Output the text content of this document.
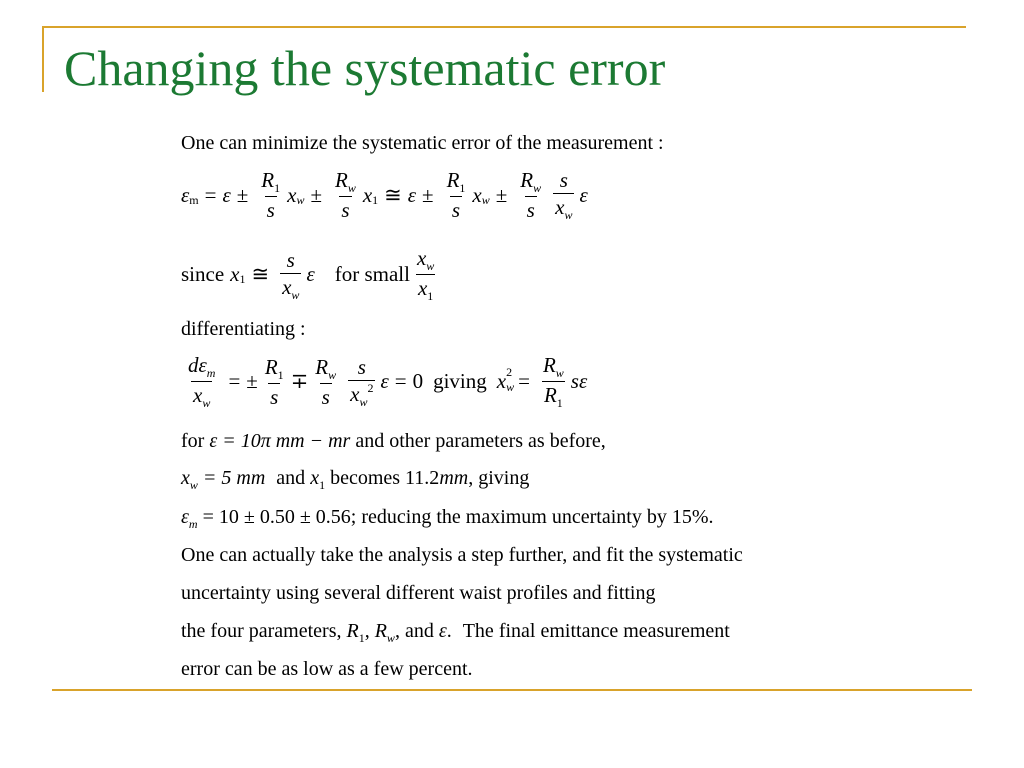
Changing the systematic error
One can minimize the systematic error of the measurement :
ε $m = \varepsilon \pm \frac{R_1}{s}$ x $w \pm \frac{R_w}{s}$ x 1 ≅ $\varepsilon \pm \frac{R_1}{s}$ x $w \pm \frac{R_w}{s} \frac{s}{x_w}$ ε
since x 1 ≅ $\frac{s}{x_w}$ ε for small $\frac{x_w}{x_1}$
differentiating :
$\frac{d\varepsilon_m}{x_w}$ = ± $\frac{R_1}{s} \mp \frac{R_w}{s} \frac{s}{x_w^2}$ ε = 0 giving x w
$2 = \frac{R_w}{R_1}$ sε
for ε = 10π mm − mr and other parameters as before,
$x_w = 5$ mm and $x_1$ becomes 11.2mm, giving
$\varepsilon_m = 10 \pm 0.50 \pm 0.56$; reducing the maximum uncertainty by 15%.
One can actually take the analysis a step further, and fit the systematic
uncertainty using several different waist profiles and fitting
the four parameters, $R_1$, $R_w$, and ε. The final emittance measurement
error can be as low as a few percent.
